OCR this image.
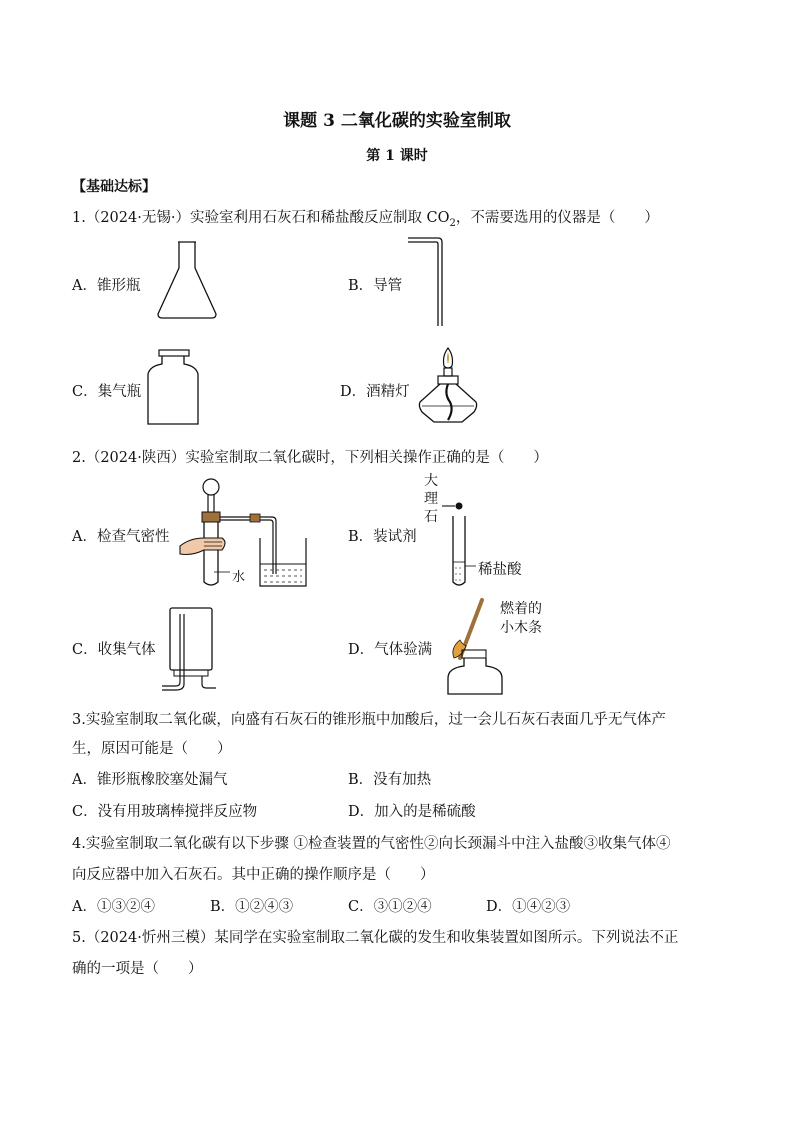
课题 3 二氧化碳的实验室制取
第 1 课时
【基础达标】
1.（2024·无锡·）实验室利用石灰石和稀盐酸反应制取 $CO_2$，不需要选用的仪器是（　　）
A．锥形瓶	B．导管
C．集气瓶	D．酒精灯
2.（2024·陕西）实验室制取二氧化碳时，下列相关操作正确的是（　　）
A．检查气密性
水
B．装试剂
大
理
石
稀盐酸
C．收集气体	D．气体验满
燃着的
小木条
3.实验室制取二氧化碳，向盛有石灰石的锥形瓶中加酸后，过一会儿石灰石表面几乎无气体产
生，原因可能是（　　）
A．锥形瓶橡胶塞处漏气	B．没有加热
C．没有用玻璃棒搅拌反应物	D．加入的是稀硫酸
4.实验室制取二氧化碳有以下步骤 ①检查装置的气密性②向长颈漏斗中注入盐酸③收集气体④
向反应器中加入石灰石。其中正确的操作顺序是（　　）
A．①③②④	B．①②④③	C．③①②④	D．①④②③
5.（2024·忻州三模）某同学在实验室制取二氧化碳的发生和收集装置如图所示。下列说法不正
确的一项是（　　）
